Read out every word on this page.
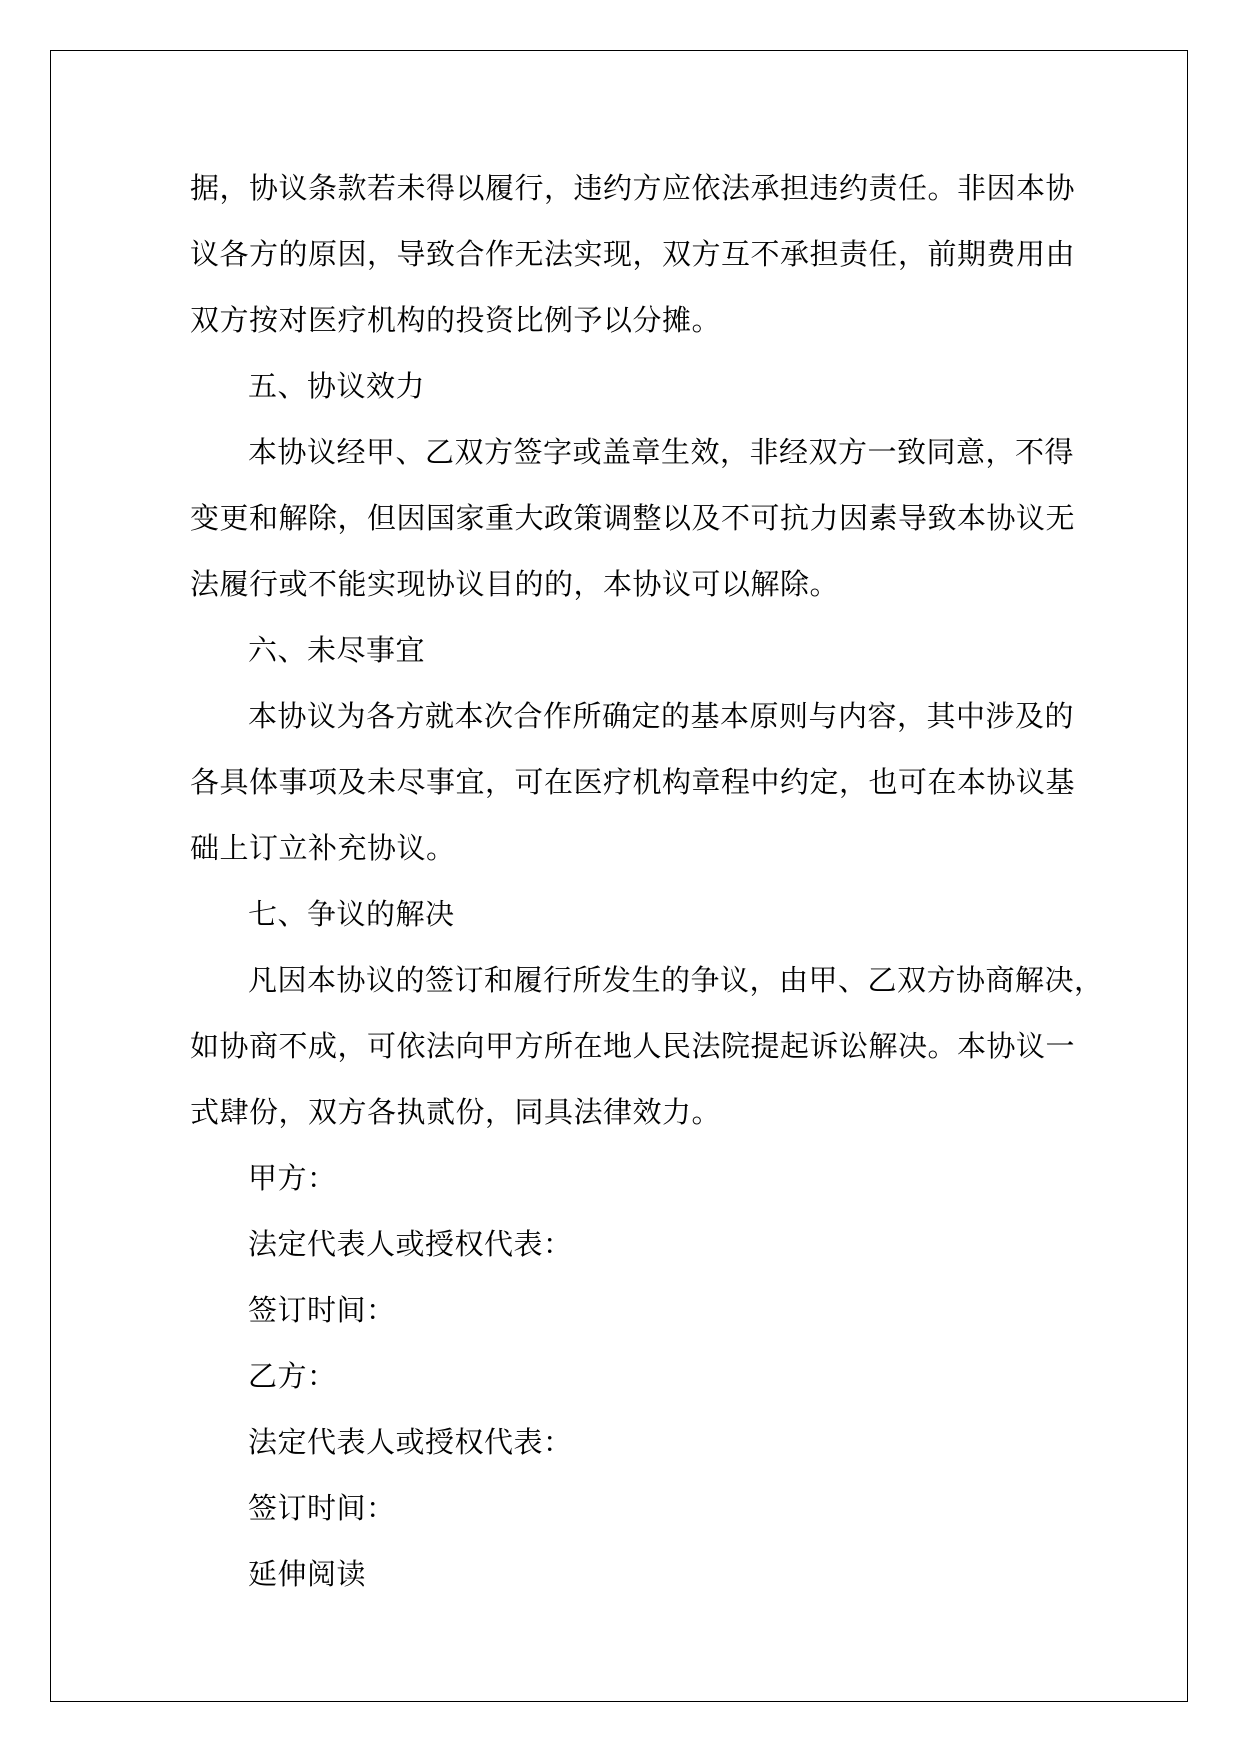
据，协议条款若未得以履行，违约方应依法承担违约责任。非因本协
议各方的原因，导致合作无法实现，双方互不承担责任，前期费用由
双方按对医疗机构的投资比例予以分摊。
五、协议效力
本协议经甲、乙双方签字或盖章生效，非经双方一致同意，不得
变更和解除，但因国家重大政策调整以及不可抗力因素导致本协议无
法履行或不能实现协议目的的，本协议可以解除。
六、未尽事宜
本协议为各方就本次合作所确定的基本原则与内容，其中涉及的
各具体事项及未尽事宜，可在医疗机构章程中约定，也可在本协议基
础上订立补充协议。
七、争议的解决
凡因本协议的签订和履行所发生的争议，由甲、乙双方协商解决，
如协商不成，可依法向甲方所在地人民法院提起诉讼解决。本协议一
式肆份，双方各执贰份，同具法律效力。
甲方：
法定代表人或授权代表：
签订时间：
乙方：
法定代表人或授权代表：
签订时间：
延伸阅读
